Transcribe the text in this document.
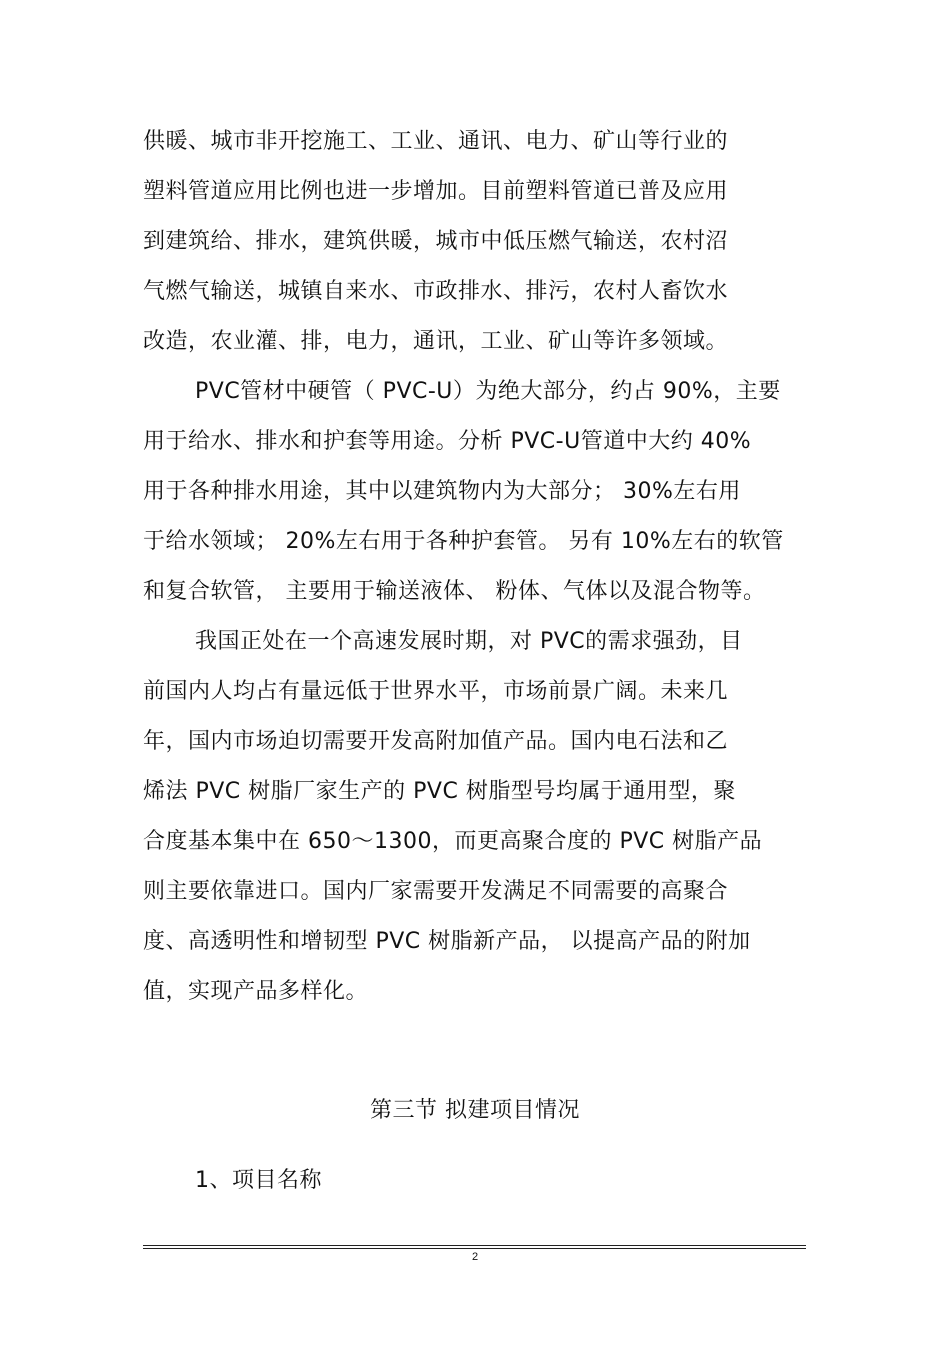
供暖、城市非开挖施工、工业、通讯、电力、矿山等行业的
塑料管道应用比例也进一步增加。目前塑料管道已普及应用
到建筑给、排水，建筑供暖，城市中低压燃气输送，农村沼
气燃气输送，城镇自来水、市政排水、排污，农村人畜饮水
改造，农业灌、排，电力，通讯，工业、矿山等许多领域。
PVC管材中硬管（ PVC-U）为绝大部分，约占 90%，主要
用于给水、排水和护套等用途。分析 PVC-U管道中大约 40%
用于各种排水用途，其中以建筑物内为大部分； 30%左右用
于给水领域； 20%左右用于各种护套管。 另有 10%左右的软管
和复合软管， 主要用于输送液体、 粉体、气体以及混合物等。
我国正处在一个高速发展时期，对 PVC的需求强劲，目
前国内人均占有量远低于世界水平，市场前景广阔。未来几
年，国内市场迫切需要开发高附加值产品。国内电石法和乙
烯法 PVC 树脂厂家生产的 PVC 树脂型号均属于通用型，聚
合度基本集中在 650～1300，而更高聚合度的 PVC 树脂产品
则主要依靠进口。国内厂家需要开发满足不同需要的高聚合
度、高透明性和增韧型 PVC 树脂新产品， 以提高产品的附加
值，实现产品多样化。
第三节 拟建项目情况
1、项目名称
2
